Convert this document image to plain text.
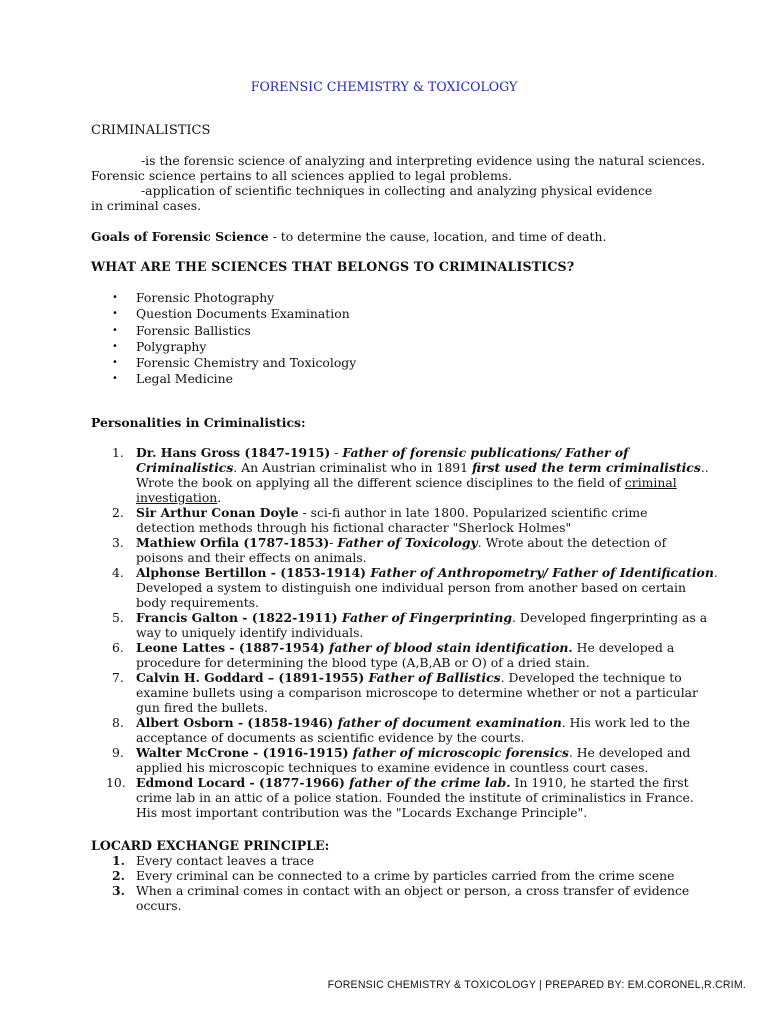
FORENSIC CHEMISTRY & TOXICOLOGY
CRIMINALISTICS
-is the forensic science of analyzing and interpreting evidence using the natural sciences.
Forensic science pertains to all sciences applied to legal problems.
-application of scientific techniques in collecting and analyzing physical evidence
in criminal cases.
Goals of Forensic Science - to determine the cause, location, and time of death.
WHAT ARE THE SCIENCES THAT BELONGS TO CRIMINALISTICS?
• Forensic Photography
• Question Documents Examination
• Forensic Ballistics
• Polygraphy
• Forensic Chemistry and Toxicology
• Legal Medicine
Personalities in Criminalistics:
1. Dr. Hans Gross (1847-1915) - Father of forensic publications/ Father of
Criminalistics. An Austrian criminalist who in 1891 first used the term criminalistics..
Wrote the book on applying all the different science disciplines to the field of criminal
investigation.
2. Sir Arthur Conan Doyle - sci-fi author in late 1800. Popularized scientific crime
detection methods through his fictional character "Sherlock Holmes"
3. Mathiew Orfila (1787-1853)- Father of Toxicology. Wrote about the detection of
poisons and their effects on animals.
4. Alphonse Bertillon - (1853-1914) Father of Anthropometry/ Father of Identification.
Developed a system to distinguish one individual person from another based on certain
body requirements.
5. Francis Galton - (1822-1911) Father of Fingerprinting. Developed fingerprinting as a
way to uniquely identify individuals.
6. Leone Lattes - (1887-1954) father of blood stain identification. He developed a
procedure for determining the blood type (A,B,AB or O) of a dried stain.
7. Calvin H. Goddard – (1891-1955) Father of Ballistics. Developed the technique to
examine bullets using a comparison microscope to determine whether or not a particular
gun fired the bullets.
8. Albert Osborn - (1858-1946) father of document examination. His work led to the
acceptance of documents as scientific evidence by the courts.
9. Walter McCrone - (1916-1915) father of microscopic forensics. He developed and
applied his microscopic techniques to examine evidence in countless court cases.
10. Edmond Locard - (1877-1966) father of the crime lab. In 1910, he started the first
crime lab in an attic of a police station. Founded the institute of criminalistics in France.
His most important contribution was the "Locards Exchange Principle".
LOCARD EXCHANGE PRINCIPLE:
1. Every contact leaves a trace
2. Every criminal can be connected to a crime by particles carried from the crime scene
3. When a criminal comes in contact with an object or person, a cross transfer of evidence
occurs.
FORENSIC CHEMISTRY & TOXICOLOGY | PREPARED BY: EM.CORONEL,R.CRIM.
